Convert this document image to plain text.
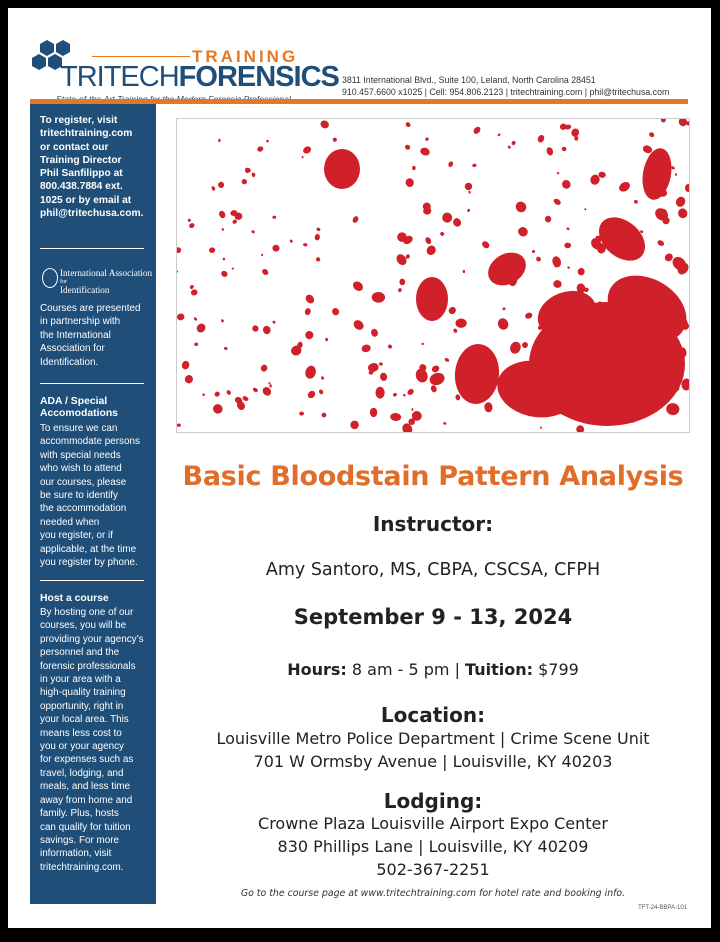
TRAINING
TRITECHFORENSICS 3811 International Blvd., Suite 100, Leland, North Carolina 28451
910.457.6600 x1025 | Cell: 954.806.2123 | tritechtraining.com | phil@tritechusa.com
To register, visit
tritechtraining.com
or contact our
Training Director
Phil Sanfilippo at
800.438.7884 ext.
1025 or by email at
phil@tritechusa.com.
International Association
for
Identification
Courses are presented
in partnership with
the International
Association for
Identification.
ADA / Special
Accomodations
To ensure we can
accommodate persons
with special needs
who wish to attend
our courses, please
be sure to identify
the accommodation
needed when
you register, or if
applicable, at the time
you register by phone.
Host a course
By hosting one of our
courses, you will be
providing your agency’s
personnel and the
forensic professionals
in your area with a
high-quality training
opportunity, right in
your local area. This
means less cost to
you or your agency
for expenses such as
travel, lodging, and
meals, and less time
away from home and
family. Plus, hosts
can qualify for tuition
savings. For more
information, visit
tritechtraining.com.
Basic Bloodstain Pattern Analysis
Instructor:
Amy Santoro, MS, CBPA, CSCSA, CFPH
September 9 - 13, 2024
Hours: 8 am - 5 pm | Tuition: $799
Location:
Louisville Metro Police Department | Crime Scene Unit
701 W Ormsby Avenue | Louisville, KY 40203
Lodging:
Crowne Plaza Louisville Airport Expo Center
830 Phillips Lane | Louisville, KY 40209
502-367-2251
Go to the course page at www.tritechtraining.com for hotel rate and booking info.
TFT-24-BBPA-101
